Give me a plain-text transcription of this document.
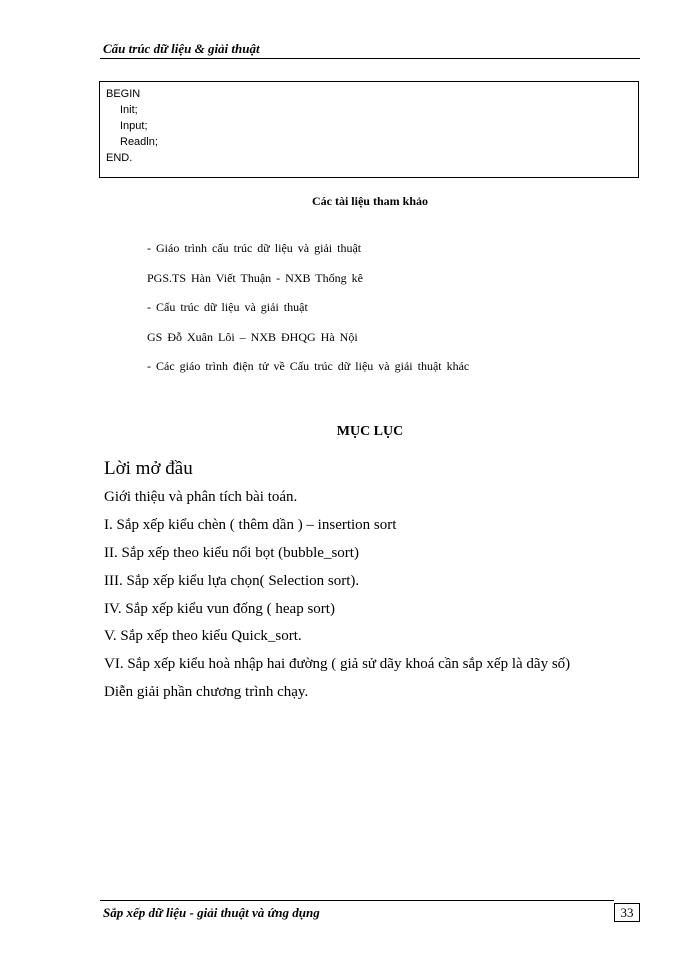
Cấu trúc dữ liệu & giải thuật
BEGIN
Init;
Input;
Readln;
END.
Các tài liệu tham khảo
- Giáo trình cấu trúc dữ liệu và giải thuật
PGS.TS Hàn Viết Thuận - NXB Thống kê
- Cấu trúc dữ liệu và giải thuật
GS Đỗ Xuân Lôi – NXB ĐHQG Hà Nội
- Các giáo trình điện tử về Cấu trúc dữ liệu và giải thuật khác
MỤC LỤC
Lời mở đầu
Giới thiệu và phân tích bài toán.
I. Sắp xếp kiểu chèn ( thêm dần ) – insertion sort
II. Sắp xếp theo kiểu nổi bọt (bubble_sort)
III. Sắp xếp kiểu lựa chọn( Selection sort).
IV. Sắp xếp kiểu vun đống ( heap sort)
V. Sắp xếp theo kiểu Quick_sort.
VI. Sắp xếp kiểu hoà nhập hai đường ( giả sử dãy khoá cần sắp xếp là dãy số)
Diễn giải phần chương trình chạy.
Sắp xếp dữ liệu - giải thuật và ứng dụng	33
